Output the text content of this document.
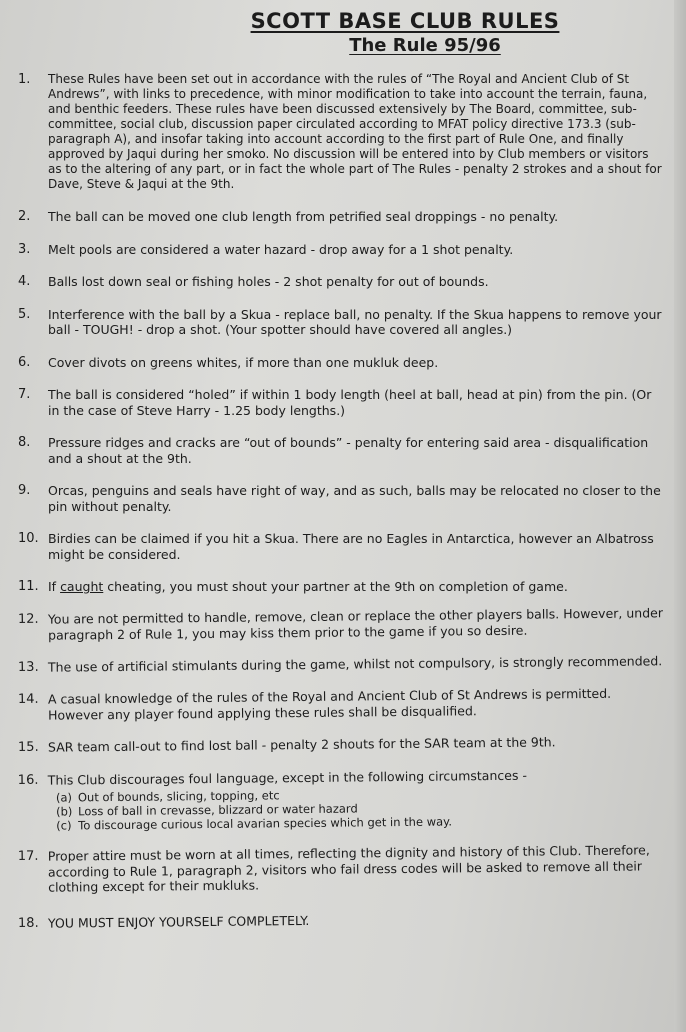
SCOTT BASE CLUB RULES
The Rule 95/96
1.	These Rules have been set out in accordance with the rules of “The Royal and Ancient Club of St Andrews”, with links to precedence, with minor modification to take into account the terrain, fauna, and benthic feeders. These rules have been discussed extensively by The Board, committee, sub-committee, social club, discussion paper circulated according to MFAT policy directive 173.3 (sub-paragraph A), and insofar taking into account according to the first part of Rule One, and finally approved by Jaqui during her smoko. No discussion will be entered into by Club members or visitors as to the altering of any part, or in fact the whole part of The Rules - penalty 2 strokes and a shout for Dave, Steve & Jaqui at the 9th.
2.	The ball can be moved one club length from petrified seal droppings - no penalty.
3.	Melt pools are considered a water hazard - drop away for a 1 shot penalty.
4.	Balls lost down seal or fishing holes - 2 shot penalty for out of bounds.
5.	Interference with the ball by a Skua - replace ball, no penalty. If the Skua happens to remove your ball - TOUGH! - drop a shot. (Your spotter should have covered all angles.)
6.	Cover divots on greens whites, if more than one mukluk deep.
7.	The ball is considered “holed” if within 1 body length (heel at ball, head at pin) from the pin. (Or in the case of Steve Harry - 1.25 body lengths.)
8.	Pressure ridges and cracks are “out of bounds” - penalty for entering said area - disqualification and a shout at the 9th.
9.	Orcas, penguins and seals have right of way, and as such, balls may be relocated no closer to the pin without penalty.
10. Birdies can be claimed if you hit a Skua. There are no Eagles in Antarctica, however an Albatross might be considered.
11. If caught cheating, you must shout your partner at the 9th on completion of game.
12. You are not permitted to handle, remove, clean or replace the other players balls. However, under paragraph 2 of Rule 1, you may kiss them prior to the game if you so desire.
13. The use of artificial stimulants during the game, whilst not compulsory, is strongly recommended.
14. A casual knowledge of the rules of the Royal and Ancient Club of St Andrews is permitted. However any player found applying these rules shall be disqualified.
15. SAR team call-out to find lost ball - penalty 2 shouts for the SAR team at the 9th.
16. This Club discourages foul language, except in the following circumstances -
(a) Out of bounds, slicing, topping, etc
(b) Loss of ball in crevasse, blizzard or water hazard
(c) To discourage curious local avarian species which get in the way.
17. Proper attire must be worn at all times, reflecting the dignity and history of this Club. Therefore, according to Rule 1, paragraph 2, visitors who fail dress codes will be asked to remove all their clothing except for their mukluks.
18. YOU MUST ENJOY YOURSELF COMPLETELY.
